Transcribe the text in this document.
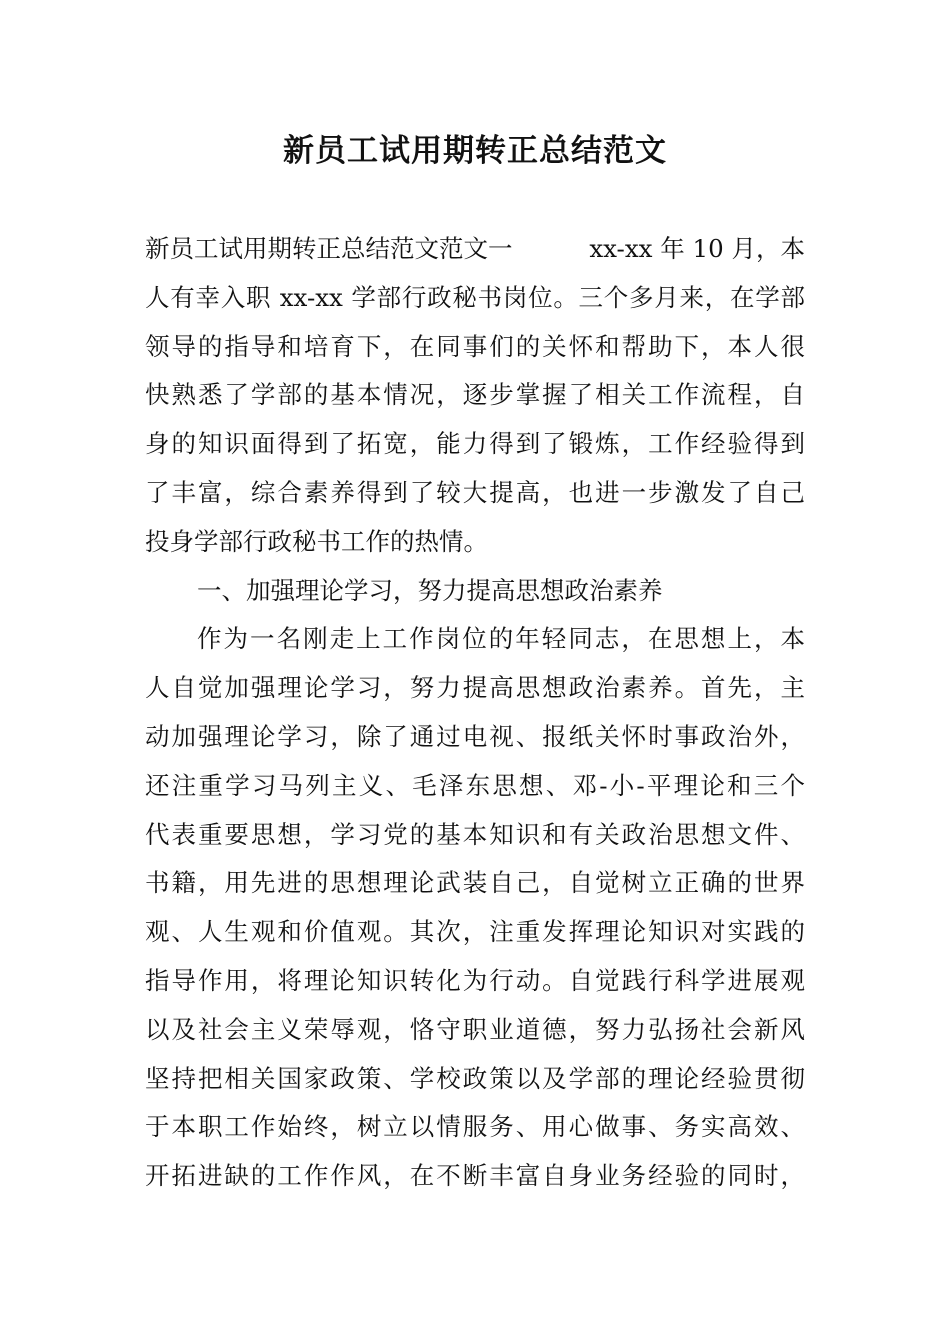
新员工试用期转正总结范文
新员工试用期转正总结范文范文一	xx-xx 年 10 月，本
人有幸入职 xx-xx 学部行政秘书岗位。三个多月来，在学部
领导的指导和培育下，在同事们的关怀和帮助下，本人很
快熟悉了学部的基本情况，逐步掌握了相关工作流程，自
身的知识面得到了拓宽，能力得到了锻炼，工作经验得到
了丰富，综合素养得到了较大提高，也进一步激发了自己
投身学部行政秘书工作的热情。
一、加强理论学习，努力提高思想政治素养
作为一名刚走上工作岗位的年轻同志，在思想上，本
人自觉加强理论学习，努力提高思想政治素养。首先，主
动加强理论学习，除了通过电视、报纸关怀时事政治外，
还注重学习马列主义、毛泽东思想、邓-小-平理论和三个
代表重要思想，学习党的基本知识和有关政治思想文件、
书籍，用先进的思想理论武装自己，自觉树立正确的世界
观、人生观和价值观。其次，注重发挥理论知识对实践的
指导作用，将理论知识转化为行动。自觉践行科学进展观
以及社会主义荣辱观，恪守职业道德，努力弘扬社会新风
坚持把相关国家政策、学校政策以及学部的理论经验贯彻
于本职工作始终，树立以情服务、用心做事、务实高效、
开拓进缺的工作作风，在不断丰富自身业务经验的同时，
